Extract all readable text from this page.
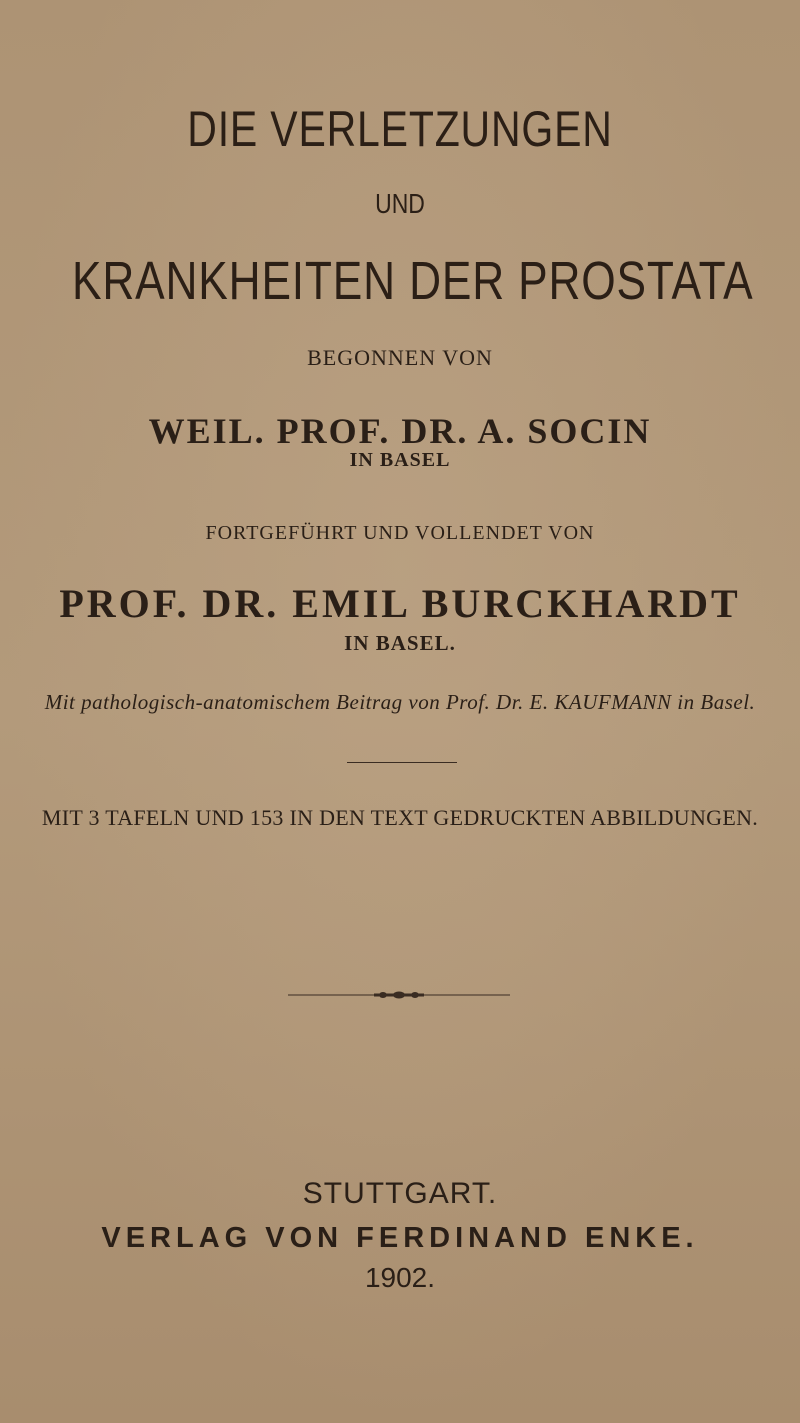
DIE VERLETZUNGEN
UND
KRANKHEITEN DER PROSTATA
BEGONNEN VON
WEIL. PROF. DR. A. SOCIN
IN BASEL
FORTGEFÜHRT UND VOLLENDET VON
PROF. DR. EMIL BURCKHARDT
IN BASEL.
Mit pathologisch-anatomischem Beitrag von Prof. Dr. E. KAUFMANN in Basel.
MIT 3 TAFELN UND 153 IN DEN TEXT GEDRUCKTEN ABBILDUNGEN.
STUTTGART.
VERLAG VON FERDINAND ENKE.
1902.
